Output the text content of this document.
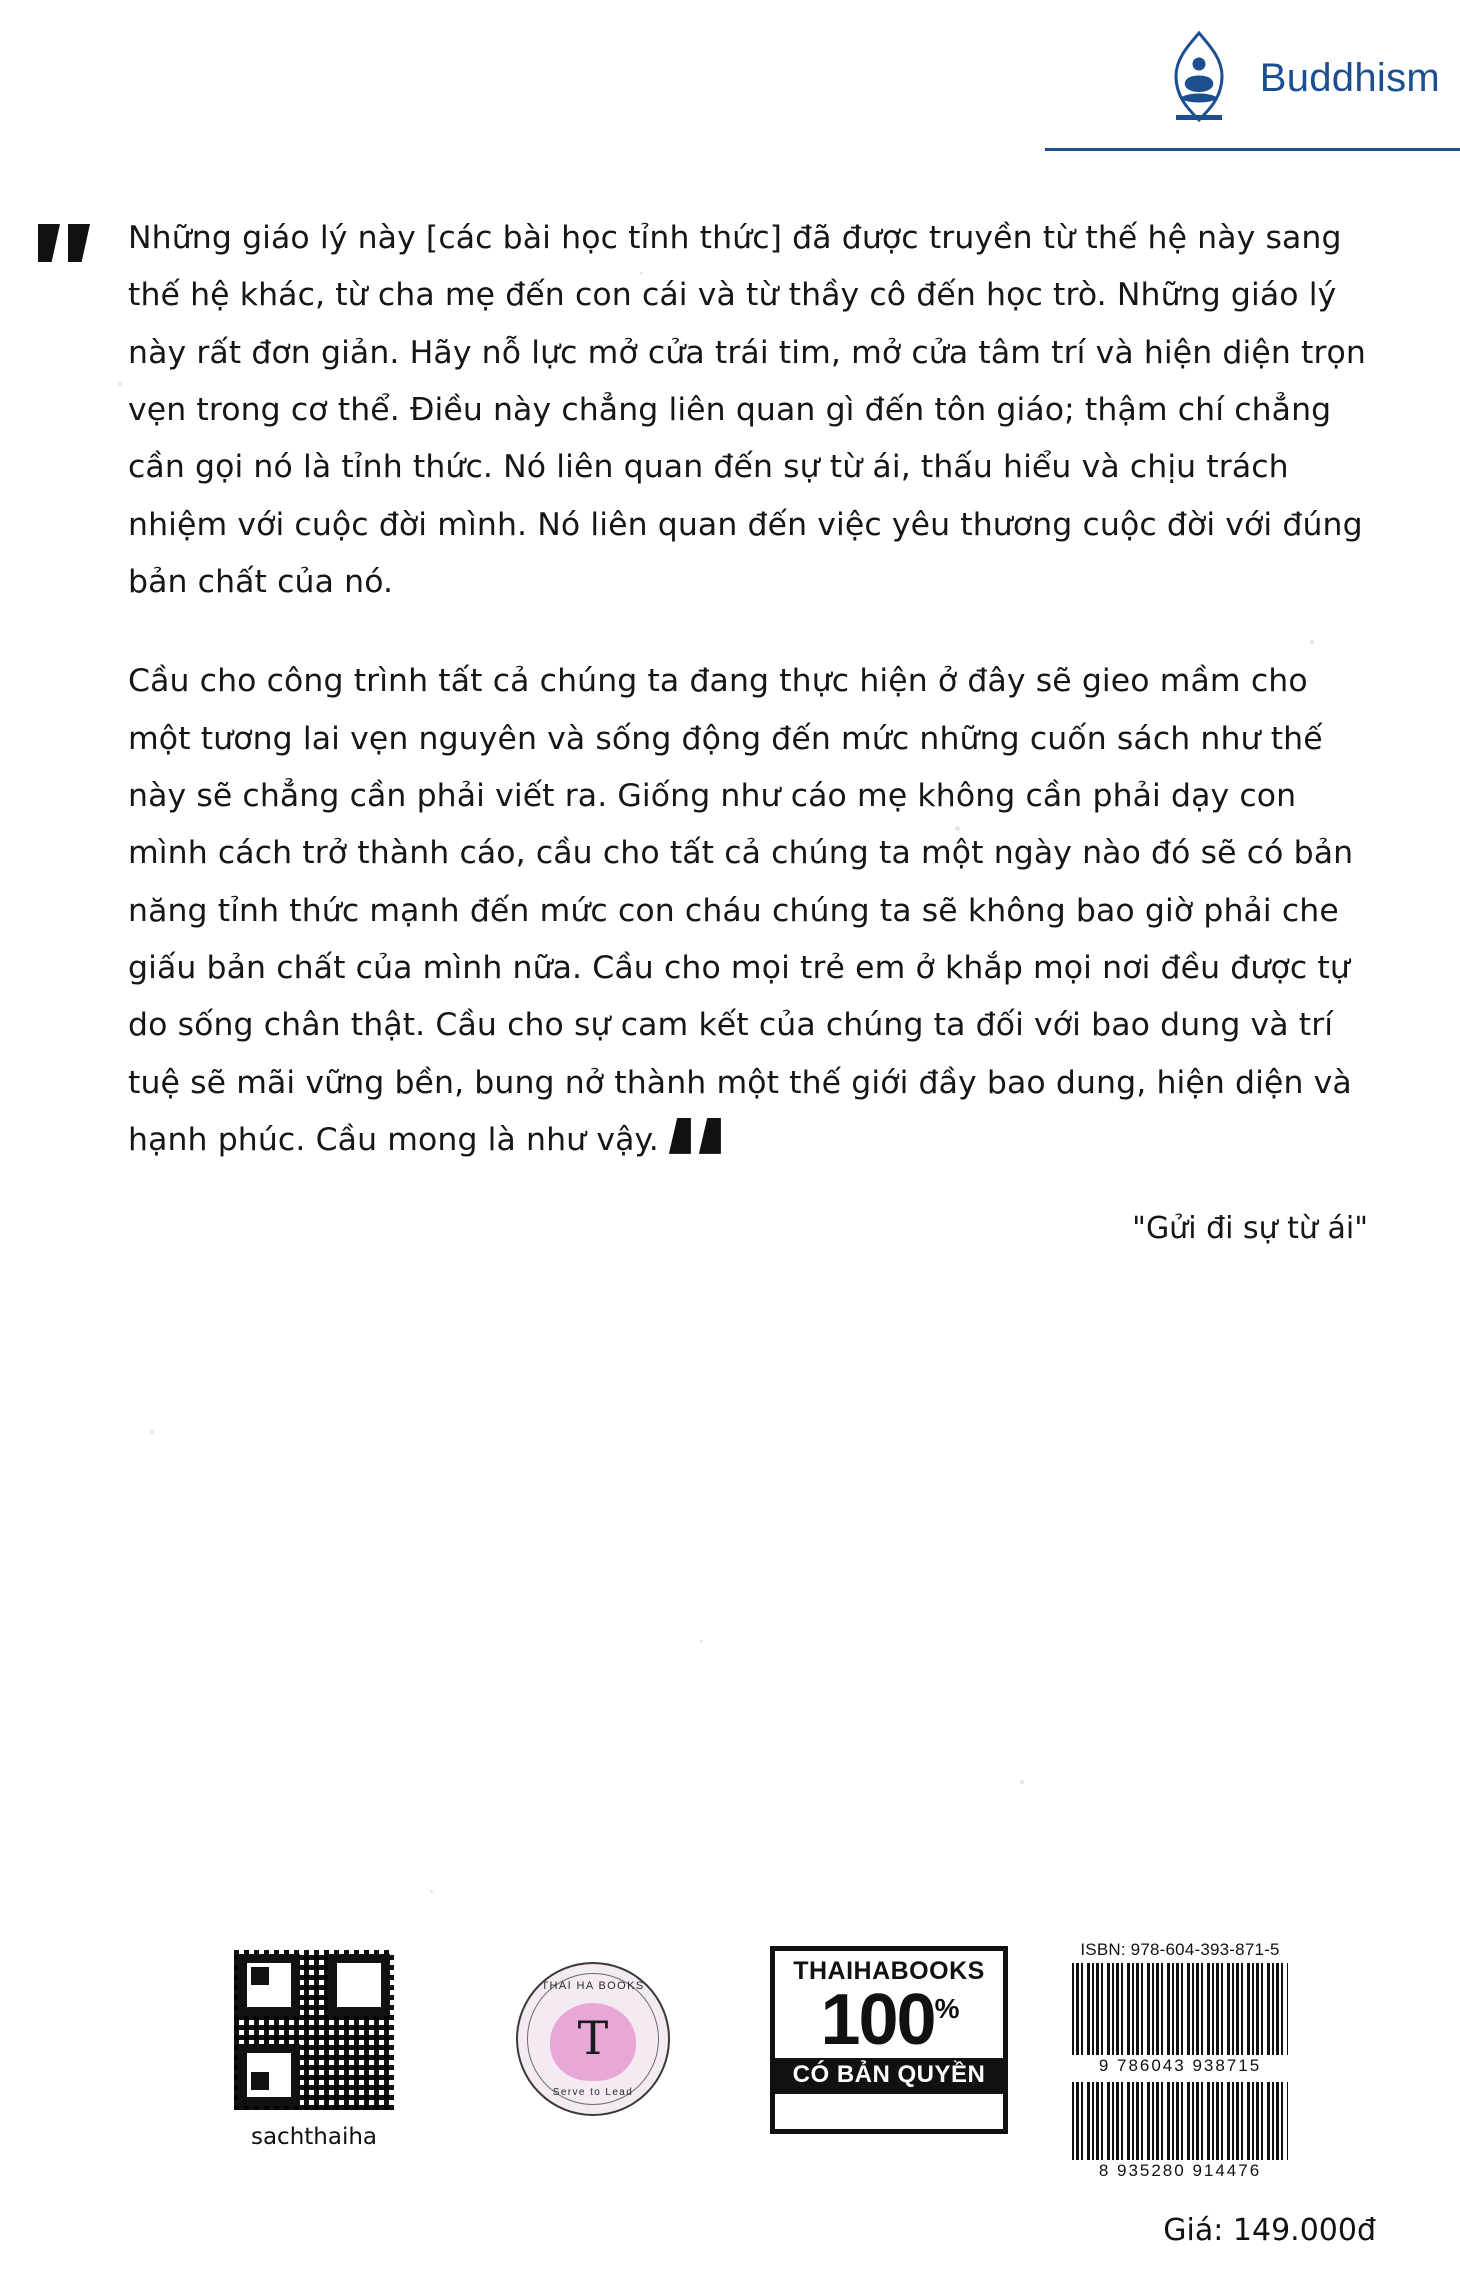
Buddhism

Những giáo lý này [các bài học tỉnh thức] đã được truyền từ thế hệ này sang thế hệ khác, từ cha mẹ đến con cái và từ thầy cô đến học trò. Những giáo lý này rất đơn giản. Hãy nỗ lực mở cửa trái tim, mở cửa tâm trí và hiện diện trọn vẹn trong cơ thể. Điều này chẳng liên quan gì đến tôn giáo; thậm chí chẳng cần gọi nó là tỉnh thức. Nó liên quan đến sự từ ái, thấu hiểu và chịu trách nhiệm với cuộc đời mình. Nó liên quan đến việc yêu thương cuộc đời với đúng bản chất của nó.

Cầu cho công trình tất cả chúng ta đang thực hiện ở đây sẽ gieo mầm cho một tương lai vẹn nguyên và sống động đến mức những cuốn sách như thế này sẽ chẳng cần phải viết ra. Giống như cáo mẹ không cần phải dạy con mình cách trở thành cáo, cầu cho tất cả chúng ta một ngày nào đó sẽ có bản năng tỉnh thức mạnh đến mức con cháu chúng ta sẽ không bao giờ phải che giấu bản chất của mình nữa. Cầu cho mọi trẻ em ở khắp mọi nơi đều được tự do sống chân thật. Cầu cho sự cam kết của chúng ta đối với bao dung và trí tuệ sẽ mãi vững bền, bung nở thành một thế giới đầy bao dung, hiện diện và hạnh phúc. Cầu mong là như vậy.

"Gửi đi sự từ ái"

sachthaiha
THAI HA BOOKS
T
Serve to Lead
THAIHABOOKS
100%
CÓ BẢN QUYỀN
ISBN: 978-604-393-871-5
9 786043 938715
8 935280 914476
Giá: 149.000đ
